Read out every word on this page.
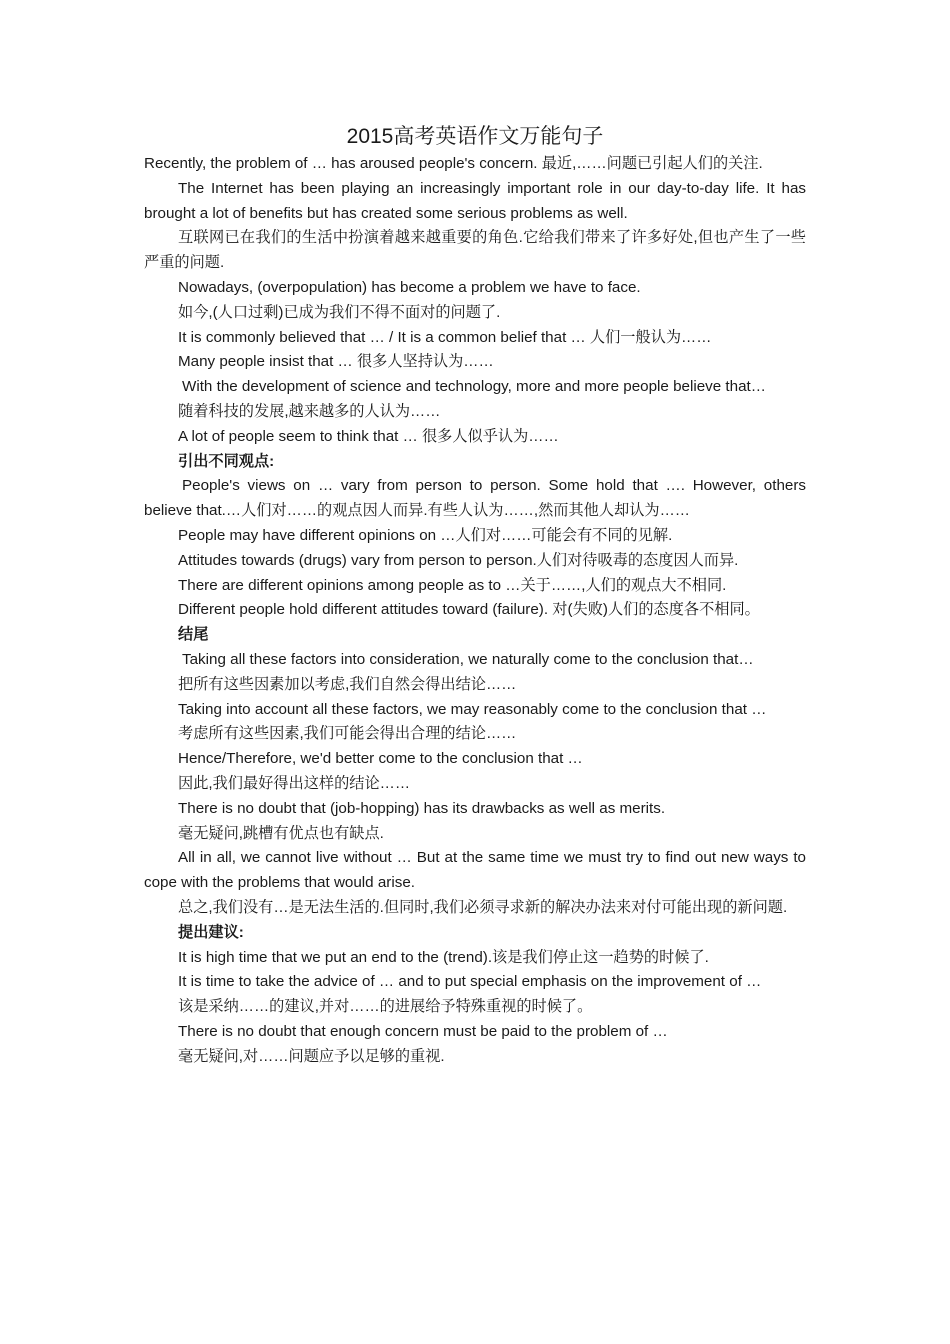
2015高考英语作文万能句子

Recently, the problem of … has aroused people's concern. 最近,……问题已引起人们的关注.

The Internet has been playing an increasingly important role in our day-to-day life. It has brought a lot of benefits but has created some serious problems as well.

互联网已在我们的生活中扮演着越来越重要的角色.它给我们带来了许多好处,但也产生了一些严重的问题.

Nowadays, (overpopulation) has become a problem we have to face.

如今,(人口过剩)已成为我们不得不面对的问题了.

It is commonly believed that … / It is a common belief that … 人们一般认为……

Many people insist that … 很多人坚持认为……

With the development of science and technology, more and more people believe that…

随着科技的发展,越来越多的人认为……

A lot of people seem to think that … 很多人似乎认为……

引出不同观点:

People's views on … vary from person to person. Some hold that …. However, others believe that.…人们对……的观点因人而异.有些人认为……,然而其他人却认为……

People may have different opinions on …人们对……可能会有不同的见解.

Attitudes towards (drugs) vary from person to person.人们对待吸毒的态度因人而异.

There are different opinions among people as to …关于……,人们的观点大不相同.

Different people hold different attitudes toward (failure). 对(失败)人们的态度各不相同。

结尾

Taking all these factors into consideration, we naturally come to the conclusion that…

把所有这些因素加以考虑,我们自然会得出结论……

Taking into account all these factors, we may reasonably come to the conclusion that …

考虑所有这些因素,我们可能会得出合理的结论……

Hence/Therefore, we'd better come to the conclusion that …

因此,我们最好得出这样的结论……

There is no doubt that (job-hopping) has its drawbacks as well as merits.

毫无疑问,跳槽有优点也有缺点.

All in all, we cannot live without … But at the same time we must try to find out new ways to cope with the problems that would arise.

总之,我们没有…是无法生活的.但同时,我们必须寻求新的解决办法来对付可能出现的新问题.

提出建议:

It is high time that we put an end to the (trend).该是我们停止这一趋势的时候了.

It is time to take the advice of … and to put special emphasis on the improvement of …

该是采纳……的建议,并对……的进展给予特殊重视的时候了。

There is no doubt that enough concern must be paid to the problem of …

毫无疑问,对……问题应予以足够的重视.
